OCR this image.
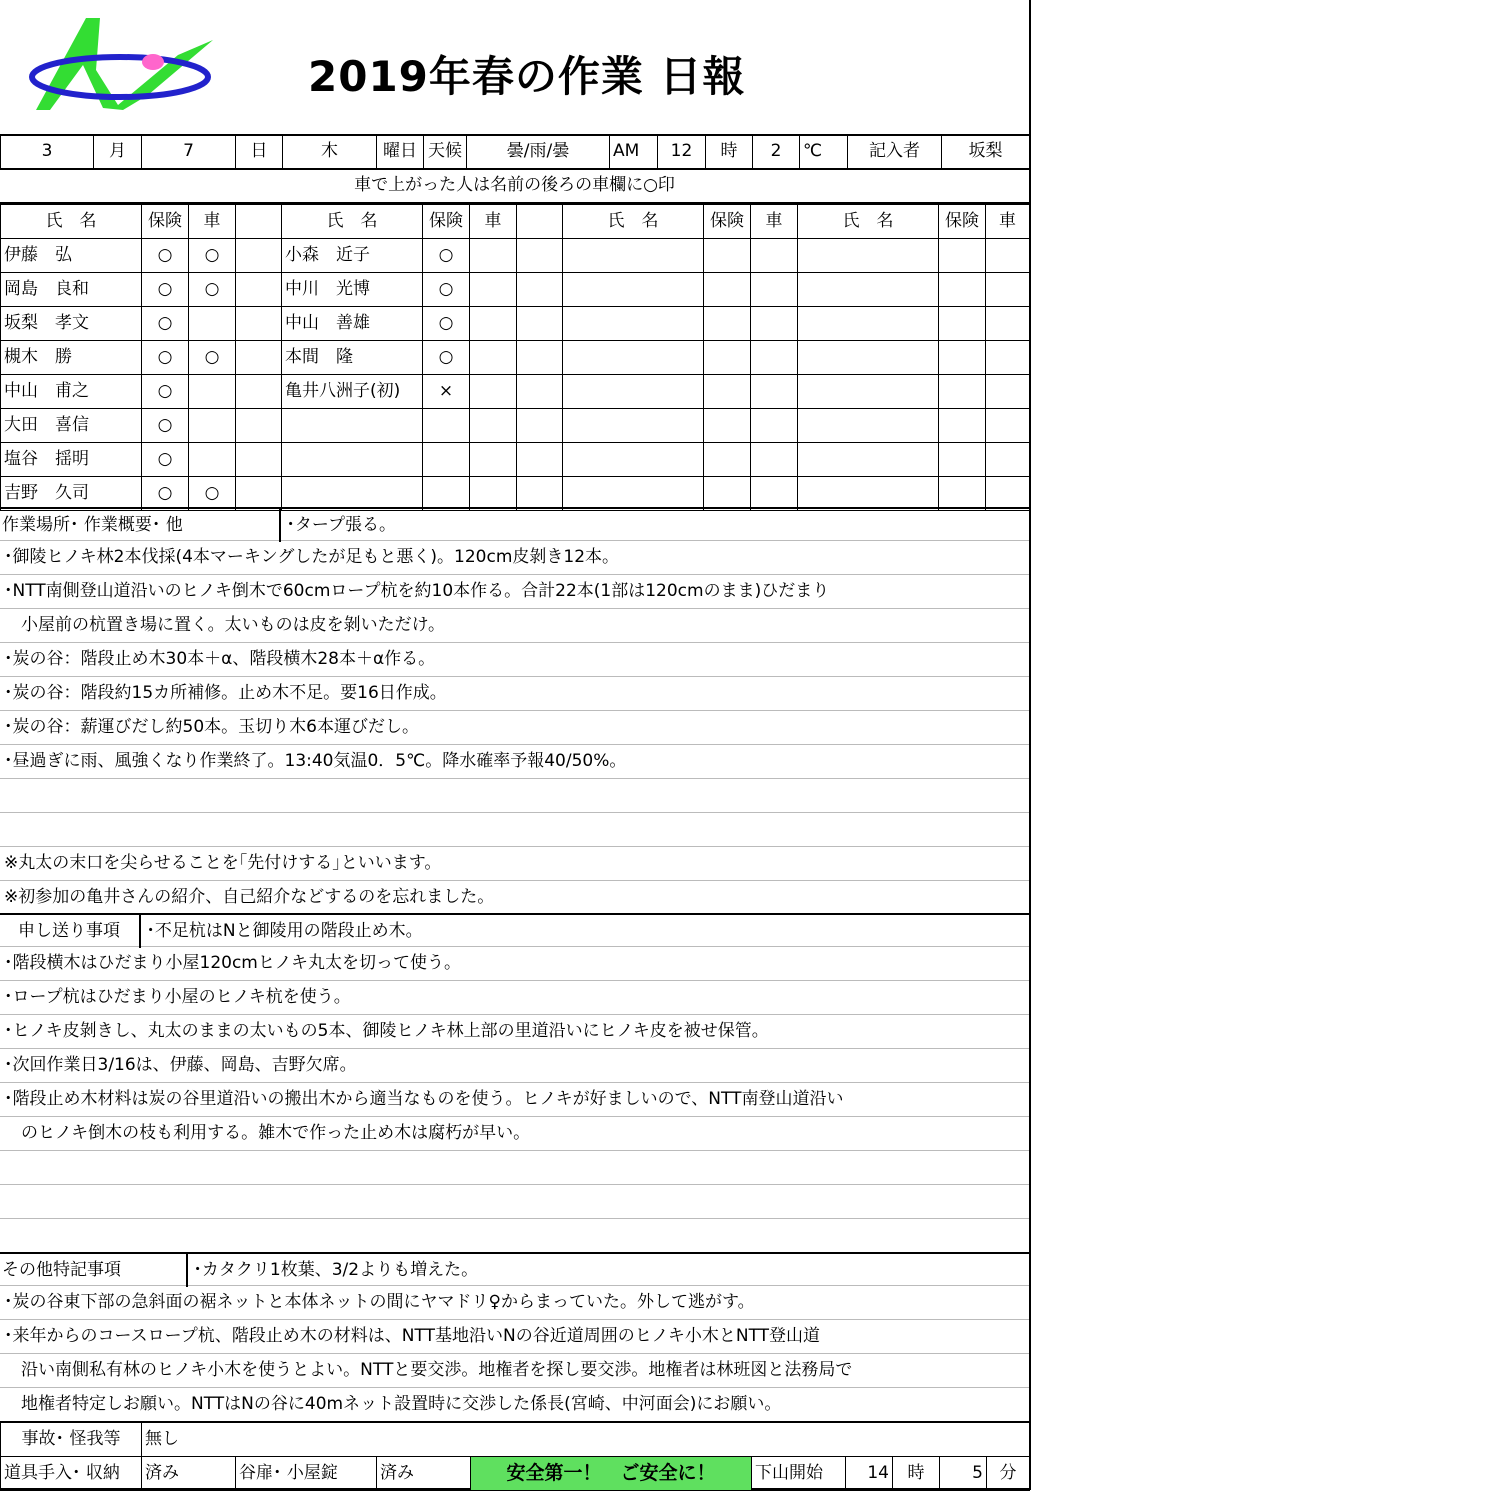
2019年春の作業 日報
3	月	7	日	木	曜日	天候	曇/雨/曇	AM	12	時	2	℃	記入者	坂梨
車で上がった人は名前の後ろの車欄に○印
氏　名	保険	車		氏　名	保険	車		氏　名	保険	車	氏　名	保険	車
伊藤　弘	○	○		小森　近子	○								
岡島　良和	○	○		中川　光博	○								
坂梨　孝文	○			中山　善雄	○								
槻木　勝	○	○		本間　隆	○								
中山　甫之	○			亀井八洲子(初)	×								
大田　喜信	○												
塩谷　揺明	○												
吉野　久司	○	○											
作業場所･ 作業概要･ 他	･タープ張る。
･御陵ヒノキ林2本伐採(4本マーキングしたが足もと悪く)。120cm皮剝き12本。
･NTT南側登山道沿いのヒノキ倒木で60cmロープ杭を約10本作る。合計22本(1部は120cmのまま)ひだまり
　小屋前の杭置き場に置く。太いものは皮を剝いただけ。
･炭の谷：階段止め木30本＋α、階段横木28本＋α作る。
･炭の谷：階段約15カ所補修。止め木不足。要16日作成。
･炭の谷：薪運びだし約50本。玉切り木6本運びだし。
･昼過ぎに雨、風強くなり作業終了。13:40気温0．5℃。降水確率予報40/50%。
※丸太の末口を尖らせることを｢先付けする｣といいます。
※初参加の亀井さんの紹介、自己紹介などするのを忘れました。
申し送り事項 ･不足杭はNと御陵用の階段止め木。
･階段横木はひだまり小屋120cmヒノキ丸太を切って使う。
･ロープ杭はひだまり小屋のヒノキ杭を使う。
･ヒノキ皮剝きし、丸太のままの太いもの5本、御陵ヒノキ林上部の里道沿いにヒノキ皮を被せ保管。
･次回作業日3/16は、伊藤、岡島、吉野欠席。
･階段止め木材料は炭の谷里道沿いの搬出木から適当なものを使う。ヒノキが好ましいので、NTT南登山道沿い
　のヒノキ倒木の枝も利用する。雑木で作った止め木は腐朽が早い。
その他特記事項	･カタクリ1枚葉、3/2よりも増えた。
･炭の谷東下部の急斜面の裾ネットと本体ネットの間にヤマドリ♀からまっていた。外して逃がす。
･来年からのコースロープ杭、階段止め木の材料は、NTT基地沿いNの谷近道周囲のヒノキ小木とNTT登山道
　沿い南側私有林のヒノキ小木を使うとよい。NTTと要交渉。地権者を探し要交渉。地権者は林班図と法務局で
　地権者特定しお願い。NTTはNの谷に40mネット設置時に交渉した係長(宮崎、中河面会)にお願い。
事故･ 怪我等	無し								
道具手入･ 収納	済み	谷扉･ 小屋錠	済み	安全第一！　ご安全に！	下山開始	14	時	5	分
